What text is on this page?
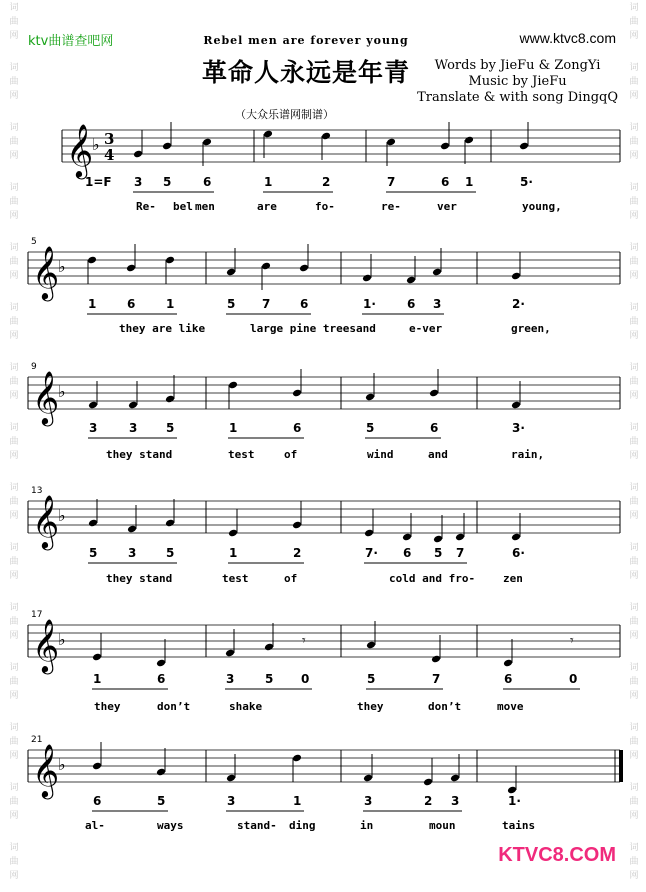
ktv曲谱查吧网	www.ktvc8.com
Rebel men are forever young
革命人永远是年青	Words by JieFu & ZongYi
Music by JieFu
Translate & with song DingqQ
（大众乐谱网制谱）
𝄞
♭ 3
4
𝄞
♭
𝄞
♭
𝄞
♭
𝄞
♭	𝄾	𝄾
𝄞
♭
KTVC8.COM
词
曲
网
词
曲
网
词
曲
网
词
曲
网
词
曲
网
词
曲
网
词
曲
网
词
曲
网
词
曲
网
词
曲
网
词
曲
网
词
曲
网
词
曲
网
词
曲
网
词
曲
网
词
曲
网
词
曲
网
词
曲
网
词
曲
网
词
曲
网
词
曲
网
词
曲
网
词
曲
网
词
曲
网
词
曲
网
词
曲
网
词
曲
网
词
曲
网
词
曲
网
词
曲
网
1=F 3 5	6
Re- bel men
1	2
are	fo-
7	6 1
re-	ver
5·
young,
5
1	6	1
they are like
5 7 6
large pine trees
1·	6 3
and	e-ver
2·
green,
9
3	3 5
they stand
1	6
test	of
5	6
wind	and
3·
rain,
13
5	3 5
they stand
1	2
test	of
7· 6 5 7
cold and fro-
6·
zen
17
1	6
they	don’t
3	5 0
shake
5	7
they	don’t
6	0
move
21
6	5
al-	ways
3	1
stand- ding
3	2 3
in	moun
1·
tains
